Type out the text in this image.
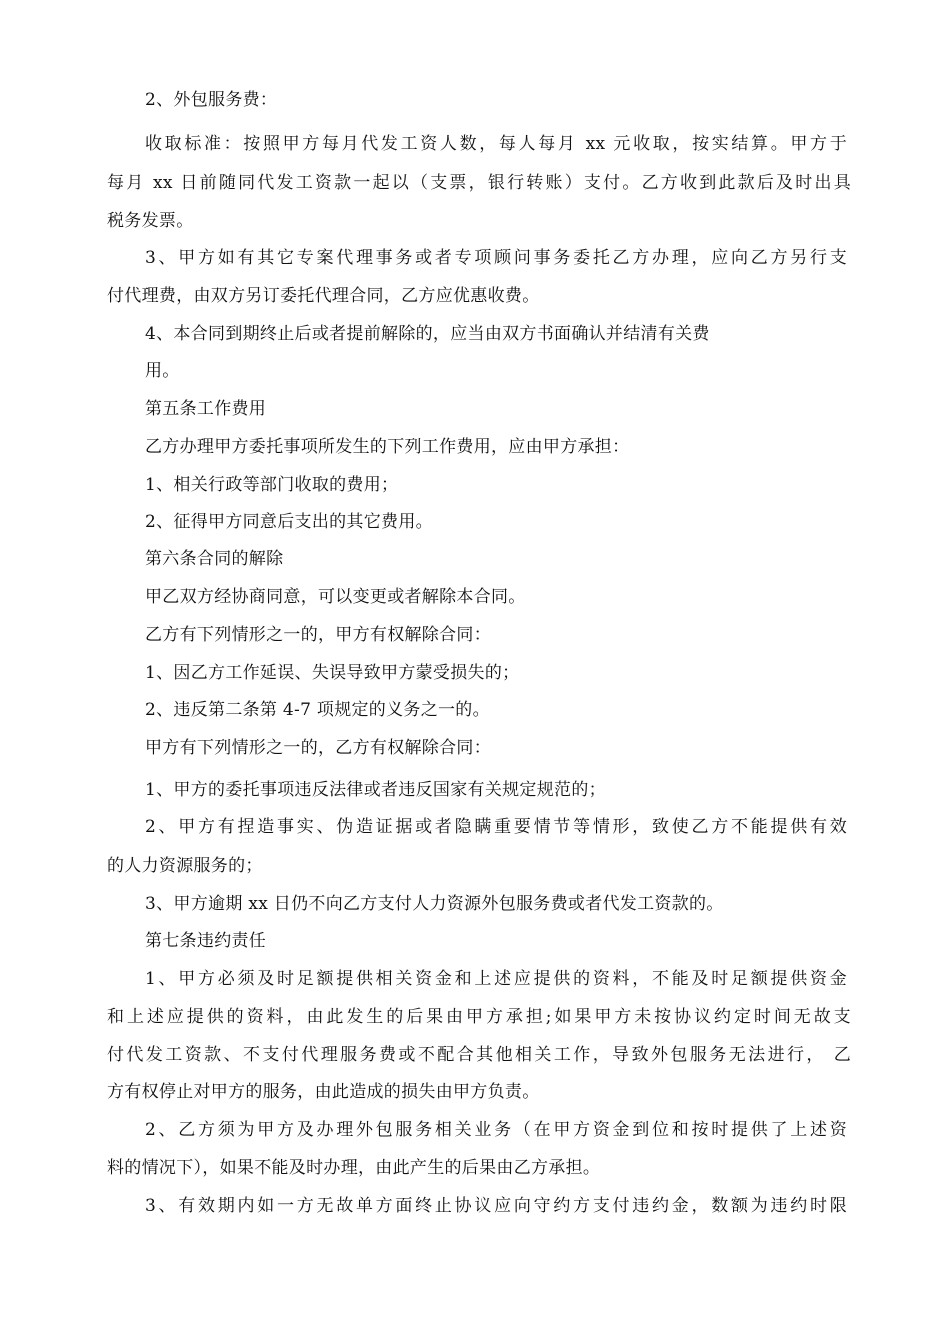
2、外包服务费：
收取标准：按照甲方每月代发工资人数，每人每月 xx 元收取，按实结算。甲方于
每月 xx 日前随同代发工资款一起以（支票，银行转账）支付。乙方收到此款后及时出具
税务发票。
3、甲方如有其它专案代理事务或者专项顾问事务委托乙方办理，应向乙方另行支
付代理费，由双方另订委托代理合同，乙方应优惠收费。
4、本合同到期终止后或者提前解除的，应当由双方书面确认并结清有关费
用。
第五条工作费用
乙方办理甲方委托事项所发生的下列工作费用，应由甲方承担：
1、相关行政等部门收取的费用；
2、征得甲方同意后支出的其它费用。
第六条合同的解除
甲乙双方经协商同意，可以变更或者解除本合同。
乙方有下列情形之一的，甲方有权解除合同：
1、因乙方工作延误、失误导致甲方蒙受损失的；
2、违反第二条第 4-7 项规定的义务之一的。
甲方有下列情形之一的，乙方有权解除合同：
1、甲方的委托事项违反法律或者违反国家有关规定规范的；
2、甲方有捏造事实、伪造证据或者隐瞒重要情节等情形，致使乙方不能提供有效
的人力资源服务的；
3、甲方逾期 xx 日仍不向乙方支付人力资源外包服务费或者代发工资款的。
第七条违约责任
1、甲方必须及时足额提供相关资金和上述应提供的资料，不能及时足额提供资金
和上述应提供的资料，由此发生的后果由甲方承担;如果甲方未按协议约定时间无故支
付代发工资款、不支付代理服务费或不配合其他相关工作，导致外包服务无法进行， 乙
方有权停止对甲方的服务，由此造成的损失由甲方负责。
2、乙方须为甲方及办理外包服务相关业务（在甲方资金到位和按时提供了上述资
料的情况下），如果不能及时办理，由此产生的后果由乙方承担。
3、有效期内如一方无故单方面终止协议应向守约方支付违约金，数额为违约时限
